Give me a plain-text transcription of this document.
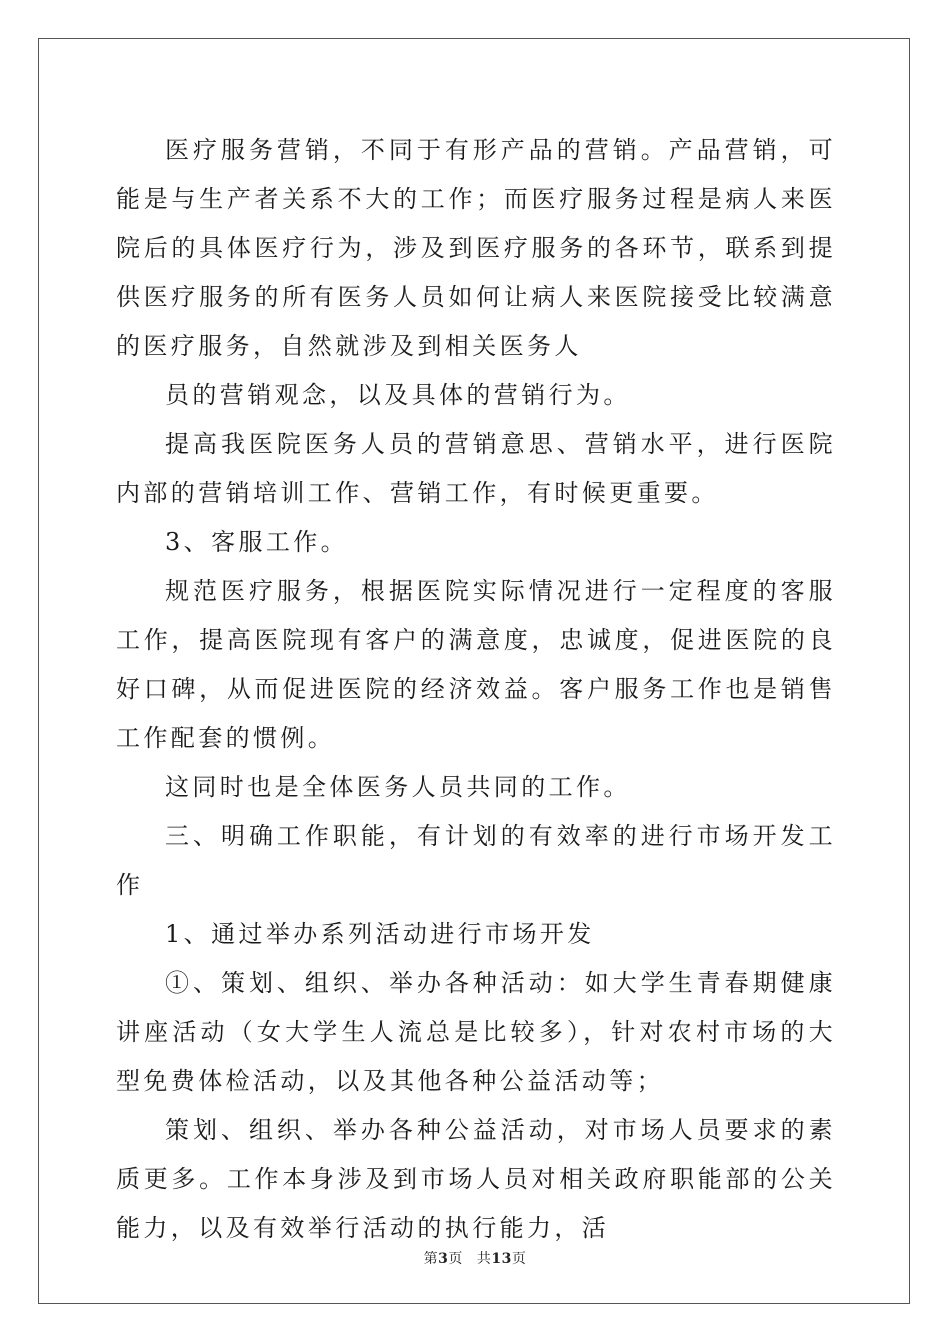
医疗服务营销，不同于有形产品的营销。产品营销，可能是与生产者关系不大的工作；而医疗服务过程是病人来医院后的具体医疗行为，涉及到医疗服务的各环节，联系到提供医疗服务的所有医务人员如何让病人来医院接受比较满意的医疗服务，自然就涉及到相关医务人

员的营销观念，以及具体的营销行为。

提高我医院医务人员的营销意思、营销水平，进行医院内部的营销培训工作、营销工作，有时候更重要。

3、客服工作。

规范医疗服务，根据医院实际情况进行一定程度的客服工作，提高医院现有客户的满意度，忠诚度，促进医院的良好口碑，从而促进医院的经济效益。客户服务工作也是销售工作配套的惯例。

这同时也是全体医务人员共同的工作。

三、明确工作职能，有计划的有效率的进行市场开发工作

1、通过举办系列活动进行市场开发

①、策划、组织、举办各种活动：如大学生青春期健康讲座活动（女大学生人流总是比较多），针对农村市场的大型免费体检活动，以及其他各种公益活动等；

策划、组织、举办各种公益活动，对市场人员要求的素质更多。工作本身涉及到市场人员对相关政府职能部的公关能力，以及有效举行活动的执行能力，活

第3页 共13页
